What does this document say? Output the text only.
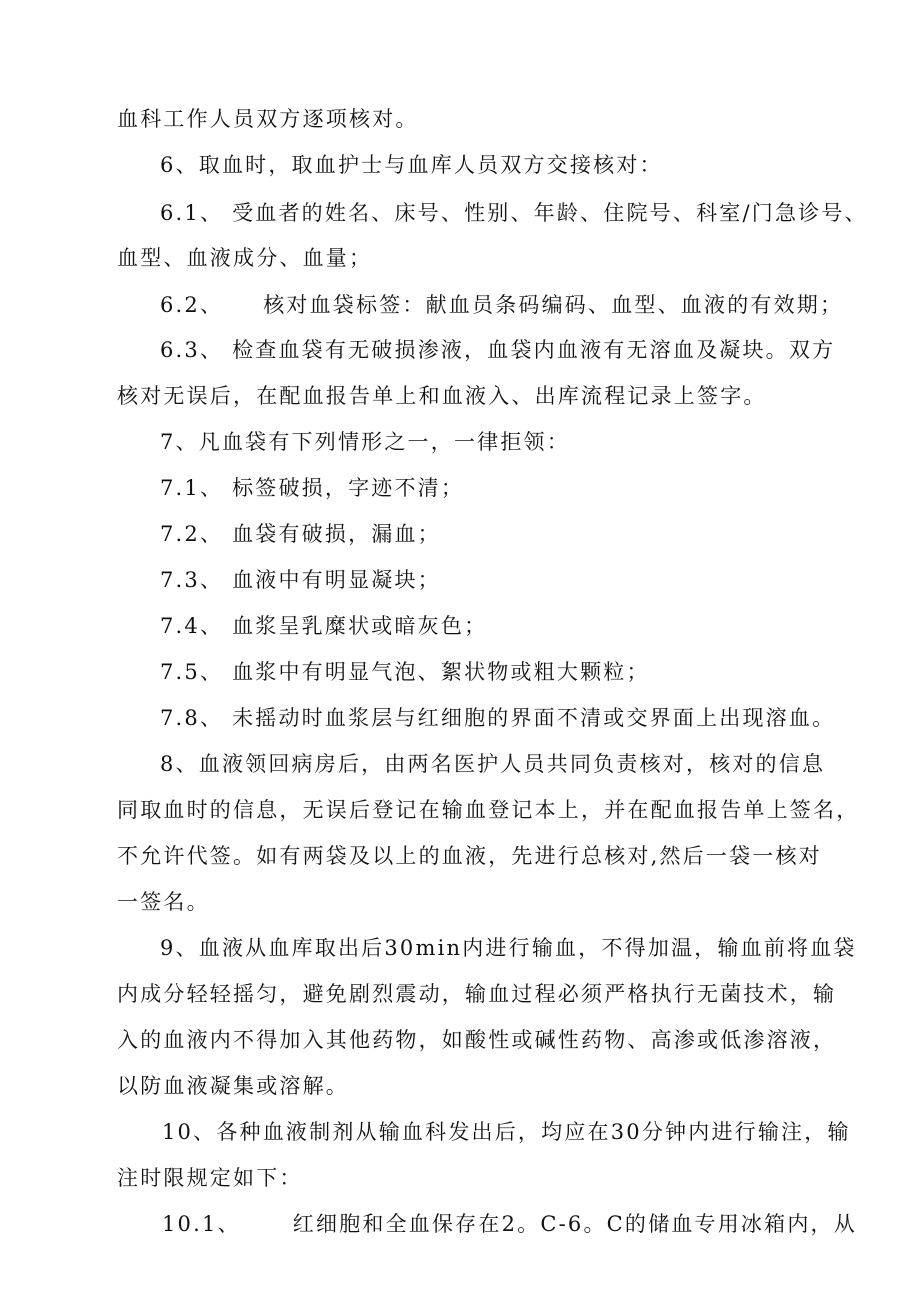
血科工作人员双方逐项核对。
6、取血时，取血护士与血库人员双方交接核对：
6.1、 受血者的姓名、床号、性别、年龄、住院号、科室/门急诊号、
血型、血液成分、血量；
6.2、 核对血袋标签：献血员条码编码、血型、血液的有效期；
6.3、 检查血袋有无破损渗液，血袋内血液有无溶血及凝块。双方
核对无误后，在配血报告单上和血液入、出库流程记录上签字。
7、凡血袋有下列情形之一，一律拒领：
7.1、 标签破损，字迹不清；
7.2、 血袋有破损，漏血；
7.3、 血液中有明显凝块；
7.4、 血浆呈乳糜状或暗灰色；
7.5、 血浆中有明显气泡、絮状物或粗大颗粒；
7.8、 未摇动时血浆层与红细胞的界面不清或交界面上出现溶血。
8、血液领回病房后，由两名医护人员共同负责核对，核对的信息
同取血时的信息，无误后登记在输血登记本上，并在配血报告单上签名，
不允许代签。如有两袋及以上的血液，先进行总核对,然后一袋一核对
一签名。
9、血液从血库取出后30min内进行输血，不得加温，输血前将血袋
内成分轻轻摇匀，避免剧烈震动，输血过程必须严格执行无菌技术，输
入的血液内不得加入其他药物，如酸性或碱性药物、高渗或低渗溶液，
以防血液凝集或溶解。
10、各种血液制剂从输血科发出后，均应在30分钟内进行输注，输
注时限规定如下：
10.1、 红细胞和全血保存在2。C-6。C的储血专用冰箱内，从
